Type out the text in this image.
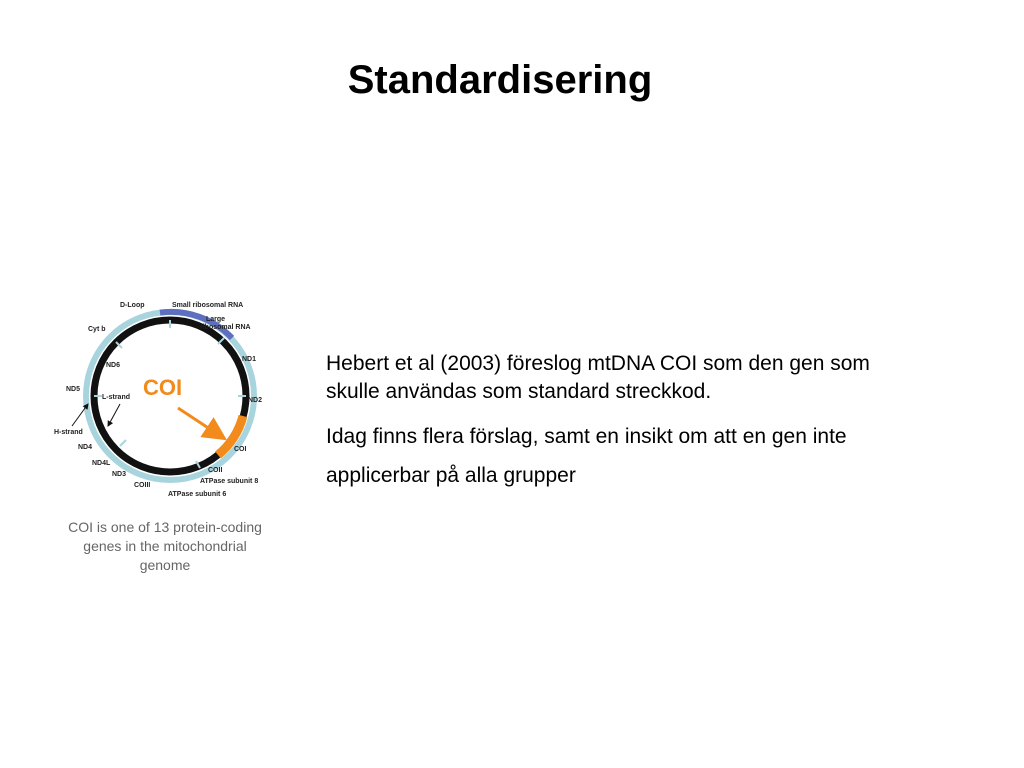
Standardisering
D-Loop	Small ribosomal RNA
Large
ribosomal RNA
Cyt b
ND6
ND1
ND2
ND5
L-strand
H-strand
ND4
ND4L
ND3
COIII
COI
COII
ATPase subunit 8
ATPase subunit 6
COI
COI is one of 13 protein-coding genes in the mitochondrial genome

Hebert et al (2003) föreslog mtDNA COI som den gen som skulle användas som standard streckkod.

Idag finns flera förslag, samt en insikt om att en gen inte applicerbar på alla grupper
